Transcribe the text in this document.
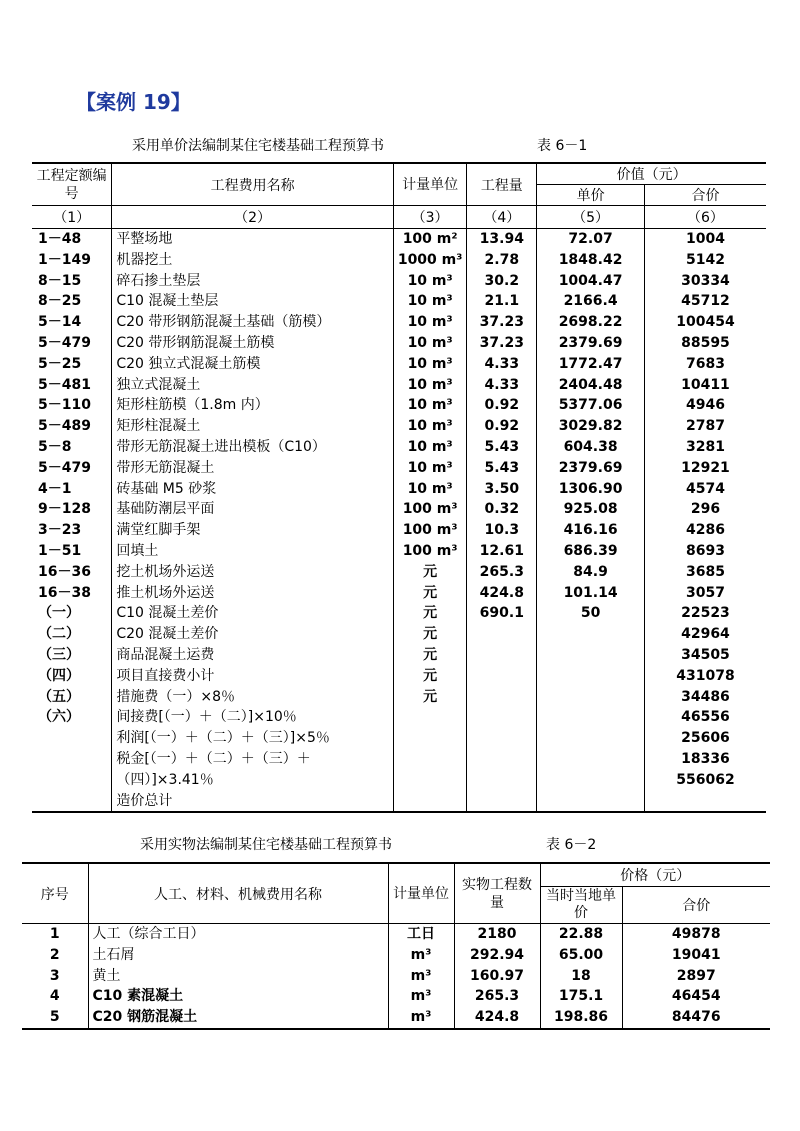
【案例 19】
采用单价法编制某住宅楼基础工程预算书	表 6－1
工程定额编号	工程费用名称	计量单位	工程量	价值（元）	
				单价	合价
（1）	（2）	（3）	（4）	（5）	（6）
1－48	平整场地	100 m²	13.94	72.07	1004
1－149	机器挖土	1000 m³	2.78	1848.42	5142
8－15	碎石掺土垫层	10 m³	30.2	1004.47	30334
8－25	C10 混凝土垫层	10 m³	21.1	2166.4	45712
5－14	C20 带形钢筋混凝土基础（筋模）	10 m³	37.23	2698.22	100454
5－479	C20 带形钢筋混凝土筋模	10 m³	37.23	2379.69	88595
5－25	C20 独立式混凝土筋模	10 m³	4.33	1772.47	7683
5－481	独立式混凝土	10 m³	4.33	2404.48	10411
5－110	矩形柱筋模（1.8m 内）	10 m³	0.92	5377.06	4946
5－489	矩形柱混凝土	10 m³	0.92	3029.82	2787
5－8	带形无筋混凝土进出模板（C10）	10 m³	5.43	604.38	3281
5－479	带形无筋混凝土	10 m³	5.43	2379.69	12921
4－1	砖基础 M5 砂浆	10 m³	3.50	1306.90	4574
9－128	基础防潮层平面	100 m³	0.32	925.08	296
3－23	满堂红脚手架	100 m³	10.3	416.16	4286
1－51	回填土	100 m³	12.61	686.39	8693
16－36	挖土机场外运送	元	265.3	84.9	3685
16－38	推土机场外运送	元	424.8	101.14	3057
（一）	C10 混凝土差价	元	690.1	50	22523
（二）	C20 混凝土差价	元			42964
（三）	商品混凝土运费	元			34505
（四）	项目直接费小计	元			431078
（五）	措施费（一）×8％	元			34486
（六）	间接费[（一）＋（二）]×10％				46556
	利润[（一）＋（二）＋（三）]×5％				25606
	税金[（一）＋（二）＋（三）＋				18336
	（四）]×3.41％				556062
	造价总计				
采用实物法编制某住宅楼基础工程预算书	表 6－2
序号	人工、材料、机械费用名称	计量单位	实物工程数量	价格（元）	
				当时当地单价	合价
1	人工（综合工日）	工日	2180	22.88	49878
2	土石屑	m³	292.94	65.00	19041
3	黄土	m³	160.97	18	2897
4	C10 素混凝土	m³	265.3	175.1	46454
5	C20 钢筋混凝土	m³	424.8	198.86	84476
